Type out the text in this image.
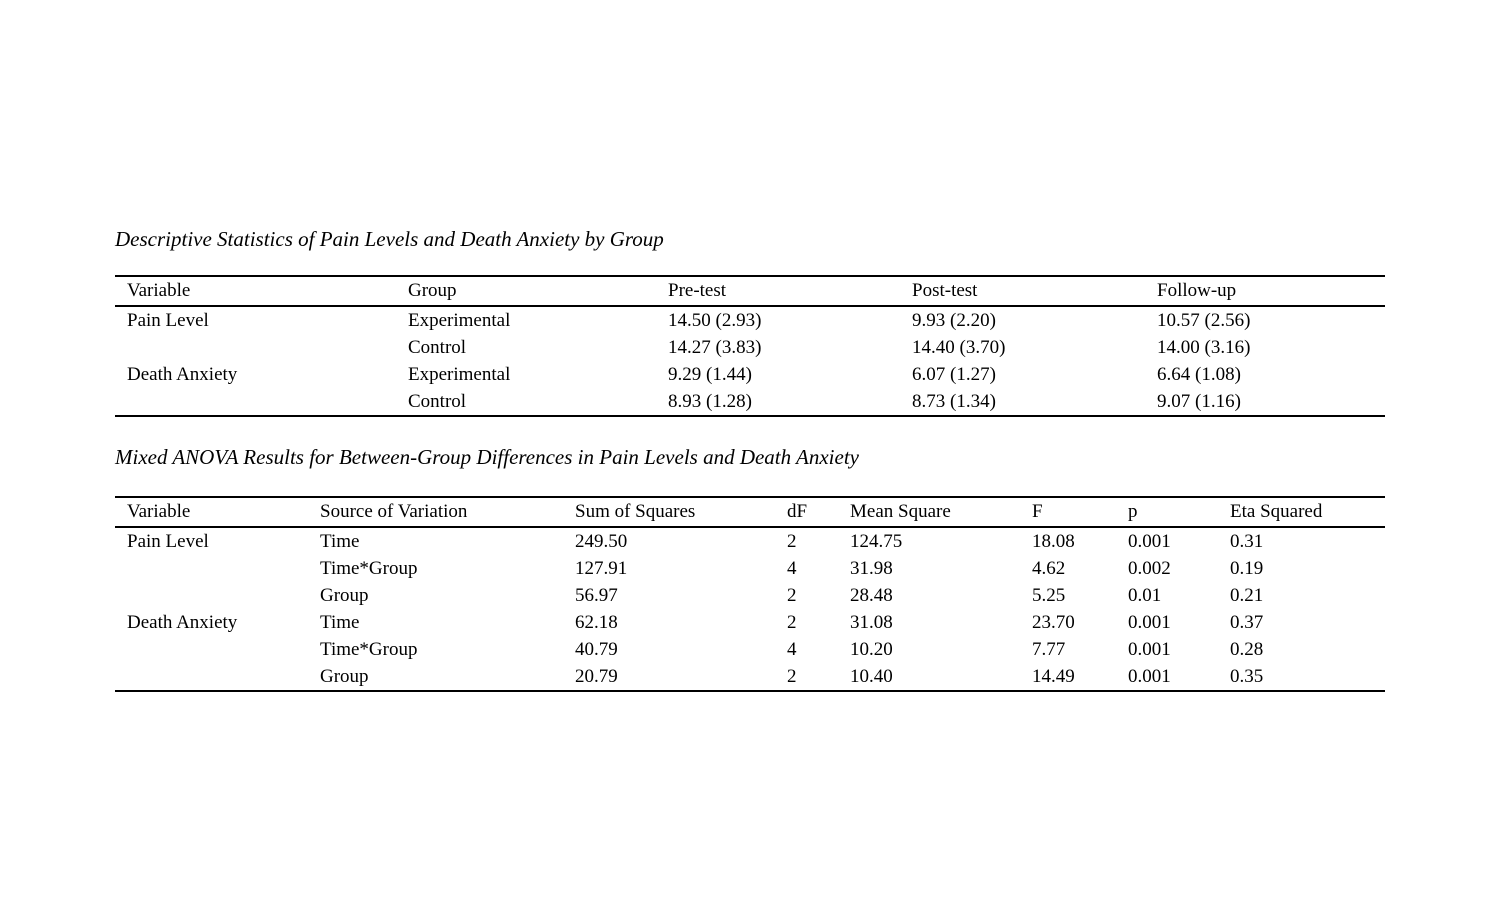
Descriptive Statistics of Pain Levels and Death Anxiety by Group
Variable	Group	Pre-test	Post-test	Follow-up
Pain Level	Experimental	14.50 (2.93)	9.93 (2.20)	10.57 (2.56)
	Control	14.27 (3.83)	14.40 (3.70)	14.00 (3.16)
Death Anxiety	Experimental	9.29 (1.44)	6.07 (1.27)	6.64 (1.08)
	Control	8.93 (1.28)	8.73 (1.34)	9.07 (1.16)
Mixed ANOVA Results for Between-Group Differences in Pain Levels and Death Anxiety
Variable	Source of Variation	Sum of Squares	dF	Mean Square	F	p	Eta Squared
Pain Level	Time	249.50	2	124.75	18.08	0.001	0.31
	Time*Group	127.91	4	31.98	4.62	0.002	0.19
	Group	56.97	2	28.48	5.25	0.01	0.21
Death Anxiety	Time	62.18	2	31.08	23.70	0.001	0.37
	Time*Group	40.79	4	10.20	7.77	0.001	0.28
	Group	20.79	2	10.40	14.49	0.001	0.35
